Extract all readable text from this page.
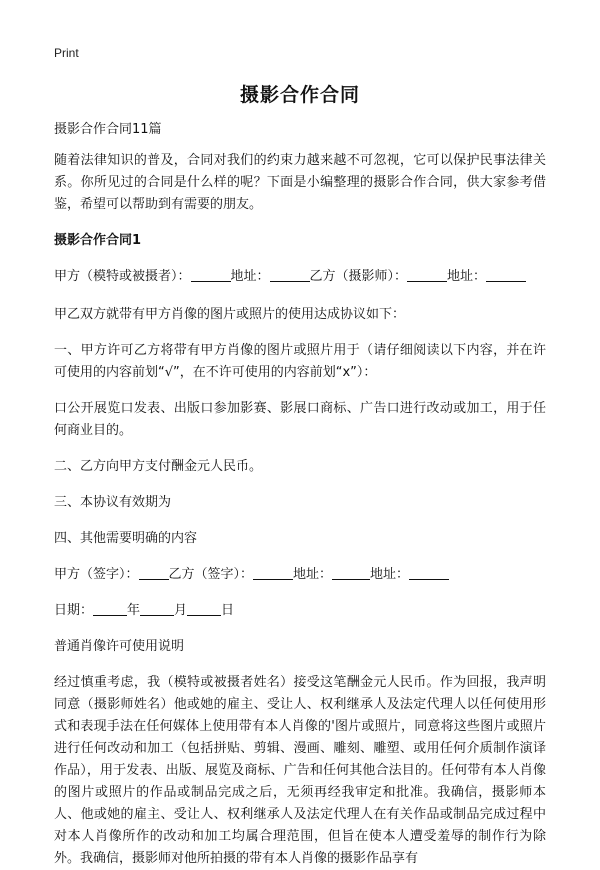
Print
摄影合作合同

摄影合作合同11篇

随着法律知识的普及，合同对我们的约束力越来越不可忽视，它可以保护民事法律关系。你所见过的合同是什么样的呢？下面是小编整理的摄影合作合同，供大家参考借鉴，希望可以帮助到有需要的朋友。

摄影合作合同1

甲方（模特或被摄者）：	地址：	乙方（摄影师）：	地址：

甲乙双方就带有甲方肖像的图片或照片的使用达成协议如下：

一、甲方许可乙方将带有甲方肖像的图片或照片用于（请仔细阅读以下内容，并在许可使用的内容前划“√”，在不许可使用的内容前划“x”）：

口公开展览口发表、出版口参加影赛、影展口商标、广告口进行改动或加工，用于任何商业目的。

二、乙方向甲方支付酬金元人民币。

三、本协议有效期为

四、其他需要明确的内容

甲方（签字）： 乙方（签字）：	地址：	地址：

日期：	年	月	日

普通肖像许可使用说明

经过慎重考虑，我（模特或被摄者姓名）接受这笔酬金元人民币。作为回报，我声明同意（摄影师姓名）他或她的雇主、受让人、权利继承人及法定代理人以任何使用形式和表现手法在任何媒体上使用带有本人肖像的'图片或照片，同意将这些图片或照片进行任何改动和加工（包括拼贴、剪辑、漫画、雕刻、雕塑、或用任何介质制作演译作品），用于发表、出版、展览及商标、广告和任何其他合法目的。任何带有本人肖像的图片或照片的作品或制品完成之后，无须再经我审定和批准。我确信，摄影师本人、他或她的雇主、受让人、权利继承人及法定代理人在有关作品或制品完成过程中对本人肖像所作的改动和加工均属合理范围，但旨在使本人遭受羞辱的制作行为除外。我确信，摄影师对他所拍摄的带有本人肖像的摄影作品享有
